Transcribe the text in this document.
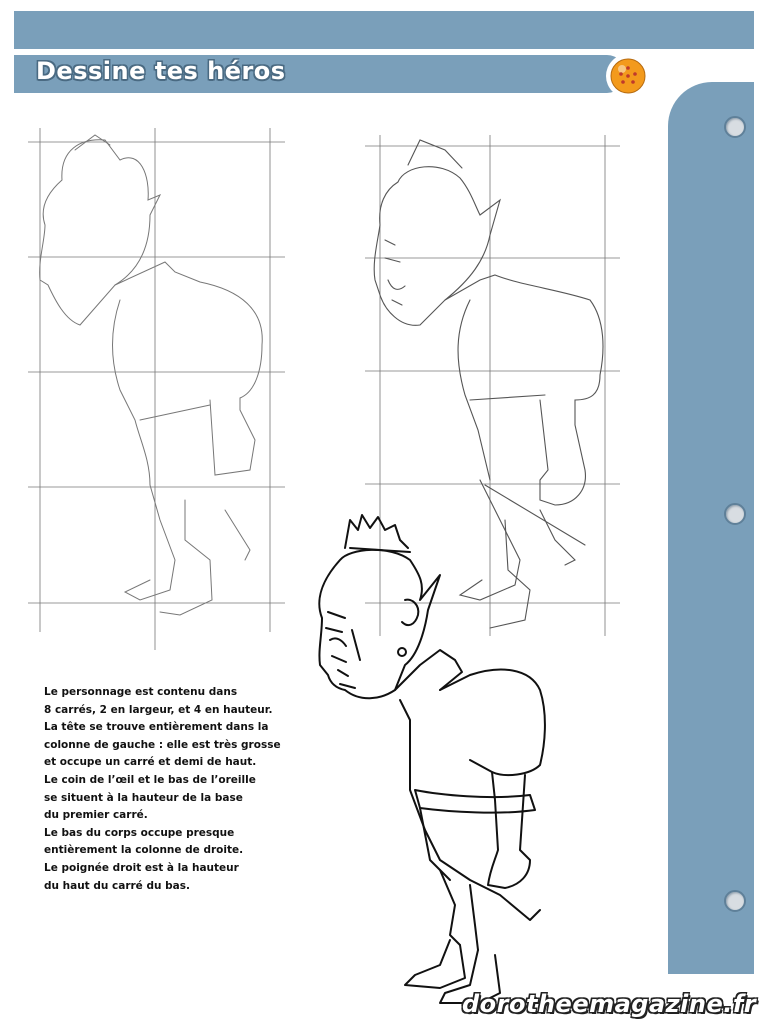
Dessine tes héros
Le personnage est contenu dans
8 carrés, 2 en largeur, et 4 en hauteur.
La tête se trouve entièrement dans la
colonne de gauche : elle est très grosse
et occupe un carré et demi de haut.
Le coin de l’œil et le bas de l’oreille
se situent à la hauteur de la base
du premier carré.
Le bas du corps occupe presque
entièrement la colonne de droite.
Le poignée droit est à la hauteur
du haut du carré du bas.
dorotheemagazine.fr
